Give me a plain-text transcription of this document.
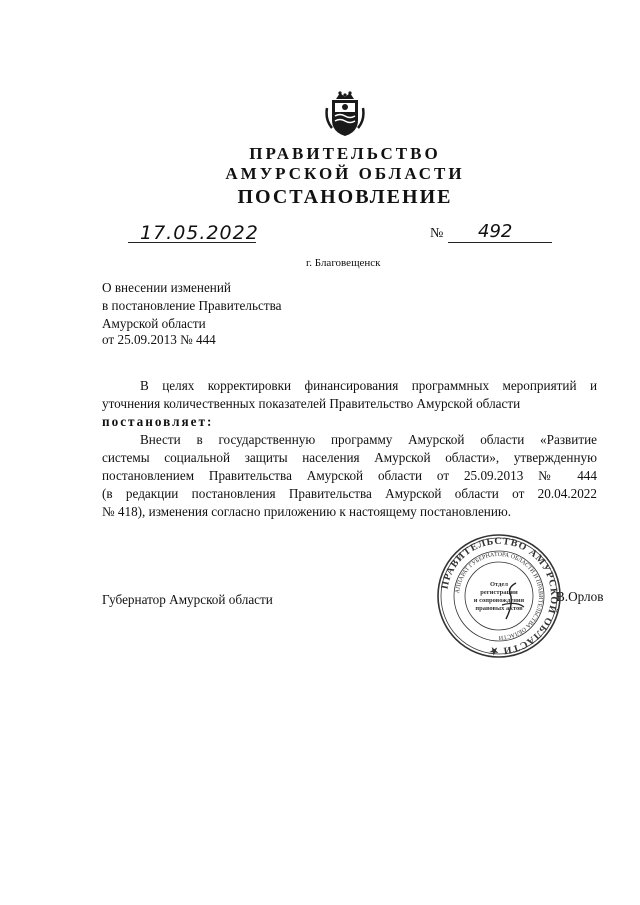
ПРАВИТЕЛЬСТВО
АМУРСКОЙ ОБЛАСТИ
ПОСТАНОВЛЕНИЕ
17.05.2022	№ 492
г. Благовещенск
О внесении изменений
в постановление Правительства
Амурской области
от 25.09.2013 № 444
В целях корректировки финансирования программных мероприятий и
уточнения количественных показателей Правительство Амурской области
постановляет:
Внести в государственную программу Амурской области «Развитие
системы социальной защиты населения Амурской области», утвержденную
постановлением Правительства Амурской области от 25.09.2013 № 444
(в редакции постановления Правительства Амурской области от 20.04.2022
№ 418), изменения согласно приложению к настоящему постановлению.
Губернатор Амурской области	В.Орлов
ПРАВИТЕЛЬСТВО АМУРСКОЙ ОБЛАСТИ ★
АППАРАТ ГУБЕРНАТОРА ОБЛАСТИ И ПРАВИТЕЛЬСТВА ОБЛАСТИ
Отдел
регистрации
и сопровождения
правовых актов
